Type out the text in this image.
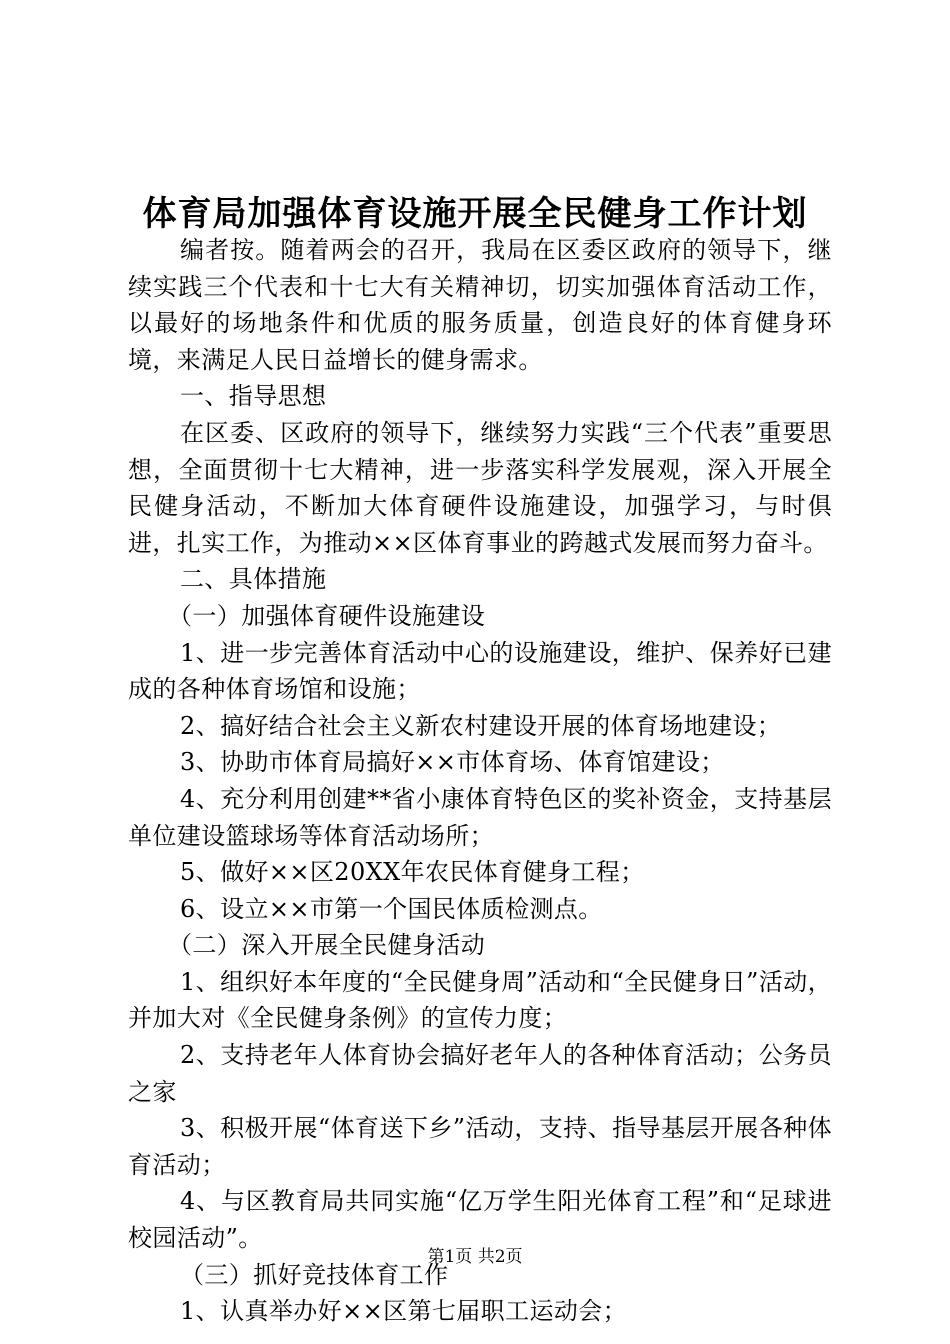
体育局加强体育设施开展全民健身工作计划

编者按。随着两会的召开，我局在区委区政府的领导下，继续实践三个代表和十七大有关精神切，切实加强体育活动工作，以最好的场地条件和优质的服务质量，创造良好的体育健身环境，来满足人民日益增长的健身需求。

一、指导思想

在区委、区政府的领导下，继续努力实践“三个代表”重要思想，全面贯彻十七大精神，进一步落实科学发展观，深入开展全民健身活动，不断加大体育硬件设施建设，加强学习，与时俱进，扎实工作，为推动××区体育事业的跨越式发展而努力奋斗。

二、具体措施

（一）加强体育硬件设施建设

1、进一步完善体育活动中心的设施建设，维护、保养好已建成的各种体育场馆和设施；

2、搞好结合社会主义新农村建设开展的体育场地建设；

3、协助市体育局搞好××市体育场、体育馆建设；

4、充分利用创建**省小康体育特色区的奖补资金，支持基层单位建设篮球场等体育活动场所；

5、做好××区20XX年农民体育健身工程；

6、设立××市第一个国民体质检测点。

（二）深入开展全民健身活动

1、组织好本年度的“全民健身周”活动和“全民健身日”活动，并加大对《全民健身条例》的宣传力度；

2、支持老年人体育协会搞好老年人的各种体育活动；公务员之家

3、积极开展“体育送下乡”活动，支持、指导基层开展各种体育活动；

4、与区教育局共同实施“亿万学生阳光体育工程”和“足球进校园活动”。

（三）抓好竞技体育工作

1、认真举办好××区第七届职工运动会；

第1页 共2页
